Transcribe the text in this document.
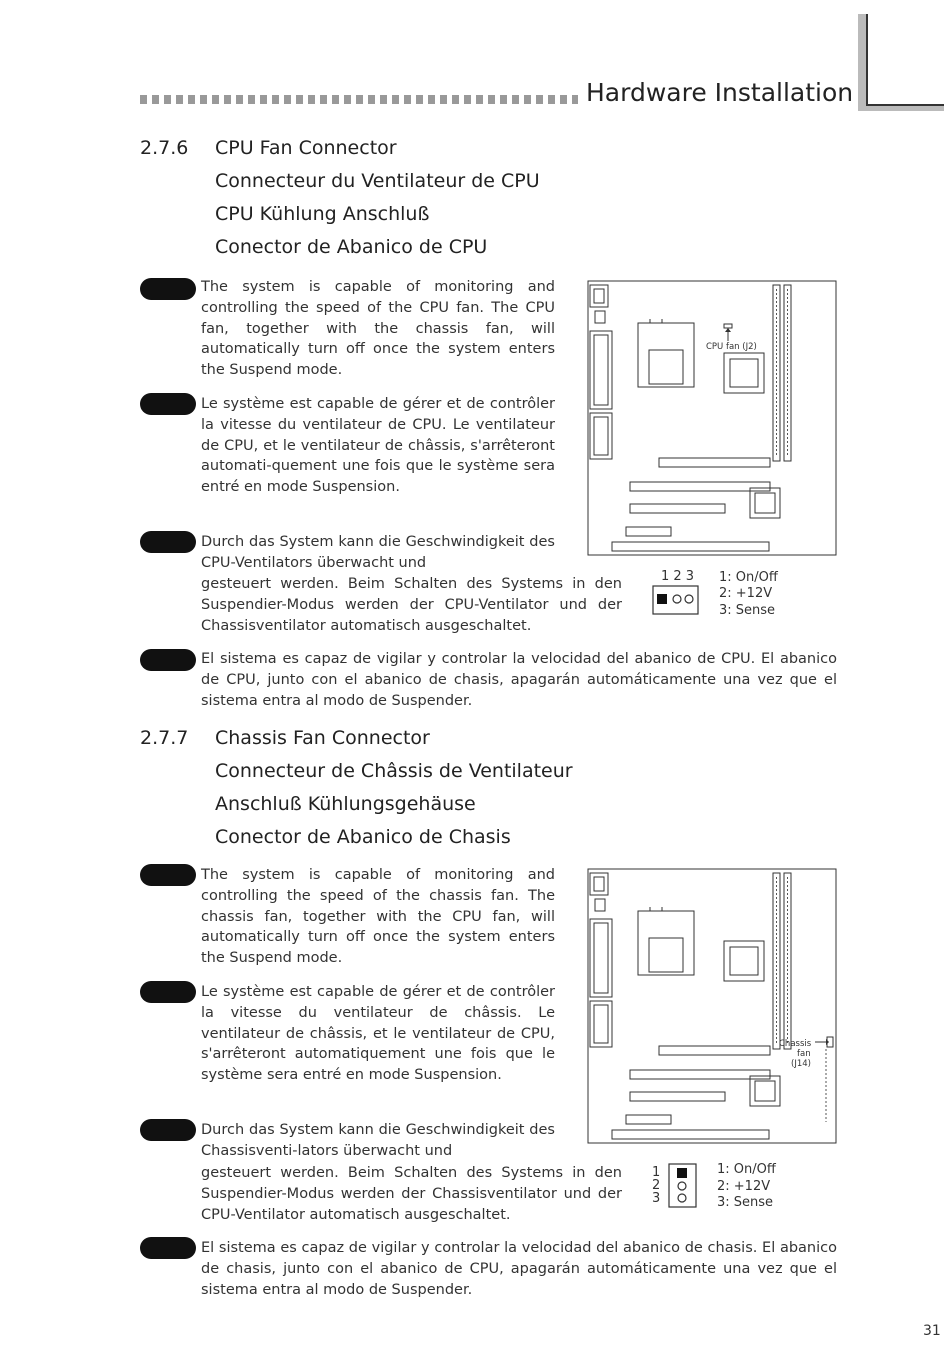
Hardware Installation
2.7.6 CPU Fan Connector
Connecteur du Ventilateur de CPU
CPU Kühlung Anschluß
Conector de Abanico de CPU
The system is capable of monitoring and controlling the speed of the CPU fan. The CPU fan, together with the chassis fan, will automatically turn off once the system enters the Suspend mode.
Le système est capable de gérer et de contrôler la vitesse du ventilateur de CPU. Le ventilateur de CPU, et le ventilateur de châssis, s'arrêteront automati-quement une fois que le système sera entré en mode Suspension.
Durch das System kann die Geschwindigkeit des CPU-Ventilators überwacht und
gesteuert werden. Beim Schalten des Systems in den Suspendier-Modus werden der CPU-Ventilator und der Chassisventilator automatisch ausgeschaltet.
El sistema es capaz de vigilar y controlar la velocidad del abanico de CPU. El abanico de CPU, junto con el abanico de chasis, apagarán automáticamente una vez que el sistema entra al modo de Suspender.
CPU fan (J2)
1 2 3 1: On/Off
2: +12V
3: Sense
2.7.7 Chassis Fan Connector
Connecteur de Châssis de Ventilateur
Anschluß Kühlungsgehäuse
Conector de Abanico de Chasis
The system is capable of monitoring and controlling the speed of the chassis fan. The chassis fan, together with the CPU fan, will automatically turn off once the system enters the Suspend mode.
Le système est capable de gérer et de contrôler la vitesse du ventilateur de châssis. Le ventilateur de châssis, et le ventilateur de CPU, s'arrêteront automatiquement une fois que le système sera entré en mode Suspension.
Durch das System kann die Geschwindigkeit des Chassisventi-lators überwacht und
gesteuert werden. Beim Schalten des Systems in den Suspendier-Modus werden der Chassisventilator und der CPU-Ventilator automatisch ausgeschaltet.
El sistema es capaz de vigilar y controlar la velocidad del abanico de chasis. El abanico de chasis, junto con el abanico de CPU, apagarán automáticamente una vez que el sistema entra al modo de Suspender.
Chassis
fan
(J14)
1
2
3
1: On/Off
2: +12V
3: Sense
31
